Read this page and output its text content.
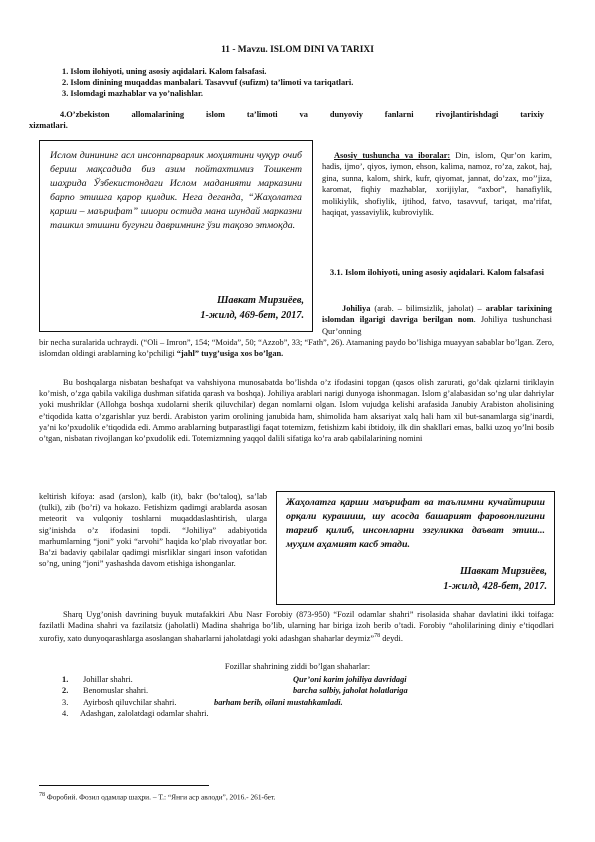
11 - Mavzu. ISLOM DINI VA TARIXI
1. Islom ilohiyoti, uning asosiy aqidalari. Kalom falsafasi.
2. Islom dinining muqaddas manbalari. Tasavvuf (sufizm) ta’limoti va tariqatlari.
3. Islomdagi mazhablar va yo’nalishlar.
4.O’zbekiston allomalarining islom ta’limoti va dunyoviy fanlarni rivojlantirishdagi tarixiy
xizmatlari.
Ислом динининг асл инсонпарварлик моҳиятини чуқур очиб бериш мақсадида биз азим пойтахтимиз Тошкент шаҳрида Ўзбекистондаги Ислом маданияти марказини барпо этишга қарор қилдик. Нега деганда, “Жаҳолатга қарши – маърифат” шиори остида мана шундай марказни ташкил этишни бугунги давримнинг ўзи тақозо этмоқда.
Шавкат Мирзиёев,
1-жилд, 469-бет, 2017.
Asosiy tushuncha va iboralar: Din, islom, Qur’on karim, hadis, ijmo’, qiyos, iymon, ehson, kalima, namoz, ro’za, zakot, haj, gina, sunna, kalom, shirk, kufr, qiyomat, jannat, do’zax, mo’’jiza, karomat, fiqhiy mazhablar, xorijiylar, “axbor”, hanafiylik, molikiylik, shofiylik, ijtihod, fatvo, tasavvuf, tariqat, ma’rifat, haqiqat, yassaviylik, kubroviylik.
3.1. Islom ilohiyoti, uning asosiy aqidalari. Kalom falsafasi
Johiliya (arab. – bilimsizlik, jaholat) – arablar tarixining islomdan ilgarigi davriga berilgan nom. Johiliya tushunchasi Qur’onning
bir necha suralarida uchraydi. (“Oli – Imron”, 154; “Moida”, 50; “Azzob”, 33; “Fath”, 26). Atamaning paydo bo’lishiga muayyan sabablar bo’lgan. Zero, islomdan oldingi arablarning ko’pchiligi “jahl” tuyg’usiga xos bo’lgan.
Bu boshqalarga nisbatan beshafqat va vahshiyona munosabatda bo’lishda o’z ifodasini topgan (qasos olish zarurati, go’dak qizlarni tiriklayin ko’mish, o’zga qabila vakiliga dushman sifatida qarash va boshqa). Johiliya arablari narigi dunyoga ishonmagan. Islom g’alabasidan so’ng ular dahriylar yoki mushriklar (Allohga boshqa xudolarni sherik qiluvchilar) degan nomlarni olgan. Islom vujudga kelishi arafasida Janubiy Arabiston aholisining e’tiqodida katta o’zgarishlar yuz berdi. Arabiston yarim orolining janubida ham, shimolida ham aksariyat xalq hali ham xil but-sanamlarga sig’inardi, ya’ni ko’pxudolik e’tiqodida edi. Ammo arablarning butparastligi faqat totemizm, fetishizm kabi ibtidoiy, ilk din shakllari emas, balki uzoq yo’lni bosib o’tgan, nisbatan rivojlangan ko’pxudolik edi. Totemizmning yaqqol dalili sifatiga ko’ra arab qabilalarining nomini
keltirish kifoya: asad (arslon), kalb (it), bakr (bo’taloq), sa’lab (tulki), zib (bo’ri) va hokazo. Fetishizm qadimgi arablarda asosan meteorit va vulqoniy toshlarni muqaddaslashtirish, ularga sig’inishda o’z ifodasini topdi. “Johiliya” adabiyotida marhumlarning “joni” yoki “arvohi” haqida ko’plab rivoyatlar bor. Ba’zi badaviy qabilalar qadimgi misrliklar singari inson vafotidan so’ng, uning “joni” yashashda davom etishiga ishonganlar.
Жаҳолатга қарши маърифат ва таълимни кучайтириш орқали курашиш, шу асосда башарият фаровонлигини тарғиб қилиб, инсонларни эзгуликка даъват этиш... муҳим аҳамият касб этади.
Шавкат Мирзиёев,
1-жилд, 428-бет, 2017.
Sharq Uyg’onish davrining buyuk mutafakkiri Abu Nasr Forobiy (873-950) “Fozil odamlar shahri” risolasida shahar davlatini ikki toifaga: fazilatli Madina shahri va fazilatsiz (jaholatli) Madina shahriga bo’lib, ularning har biriga izoh berib o’tadi. Forobiy “aholilarining diniy e’tiqodlari xurofiy, xato dunyoqarashlarga asoslangan shaharlarni jaholatdagi yoki adashgan shaharlar deymiz”$^{78}$ deydi.
Fozillar shahrining ziddi bo’lgan shaharlar:
1. Johillar shahri.	Qur’oni karim johiliya davridagi
2. Benomuslar shahri.	barcha salbiy, jaholat holatlariga
3. Ayirbosh qiluvchilar shahri.	barham berib, oilani mustahkamladi.
4. Adashgan, zalolatdagi odamlar shahri.
$^{78}$ Форобий. Фозил одамлар шаҳри. – Т.: “Янги аср авлоди”, 2016.- 261-бет.
